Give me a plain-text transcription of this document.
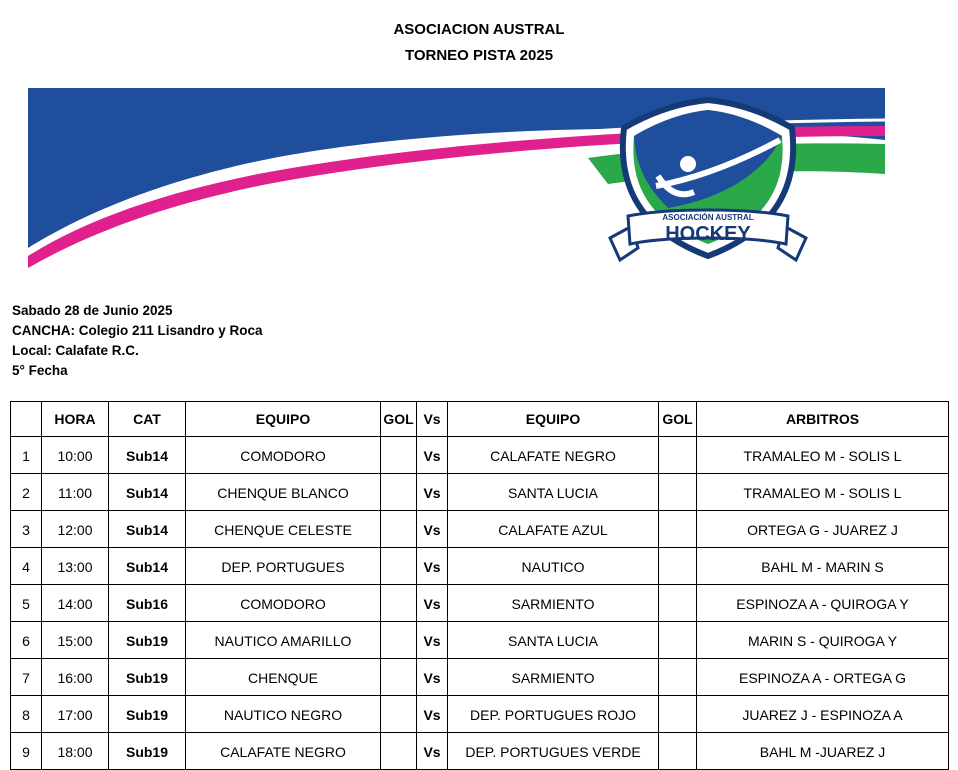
ASOCIACION AUSTRAL
TORNEO PISTA 2025
ASOCIACIÓN AUSTRAL
HOCKEY
Sabado 28 de Junio 2025
CANCHA: Colegio 211 Lisandro y Roca
Local: Calafate R.C.
5° Fecha
	HORA	CAT	EQUIPO	GOL	Vs	EQUIPO	GOL	ARBITROS
1	10:00	Sub14	COMODORO		Vs	CALAFATE NEGRO		TRAMALEO M - SOLIS L
2	11:00	Sub14	CHENQUE BLANCO		Vs	SANTA LUCIA		TRAMALEO M - SOLIS L
3	12:00	Sub14	CHENQUE CELESTE		Vs	CALAFATE AZUL		ORTEGA G - JUAREZ J
4	13:00	Sub14	DEP. PORTUGUES		Vs	NAUTICO		BAHL M - MARIN S
5	14:00	Sub16	COMODORO		Vs	SARMIENTO		ESPINOZA A - QUIROGA Y
6	15:00	Sub19	NAUTICO AMARILLO		Vs	SANTA LUCIA		MARIN S - QUIROGA Y
7	16:00	Sub19	CHENQUE		Vs	SARMIENTO		ESPINOZA A - ORTEGA G
8	17:00	Sub19	NAUTICO NEGRO		Vs	DEP. PORTUGUES ROJO		JUAREZ J - ESPINOZA A
9	18:00	Sub19	CALAFATE NEGRO		Vs	DEP. PORTUGUES VERDE		BAHL M -JUAREZ J
